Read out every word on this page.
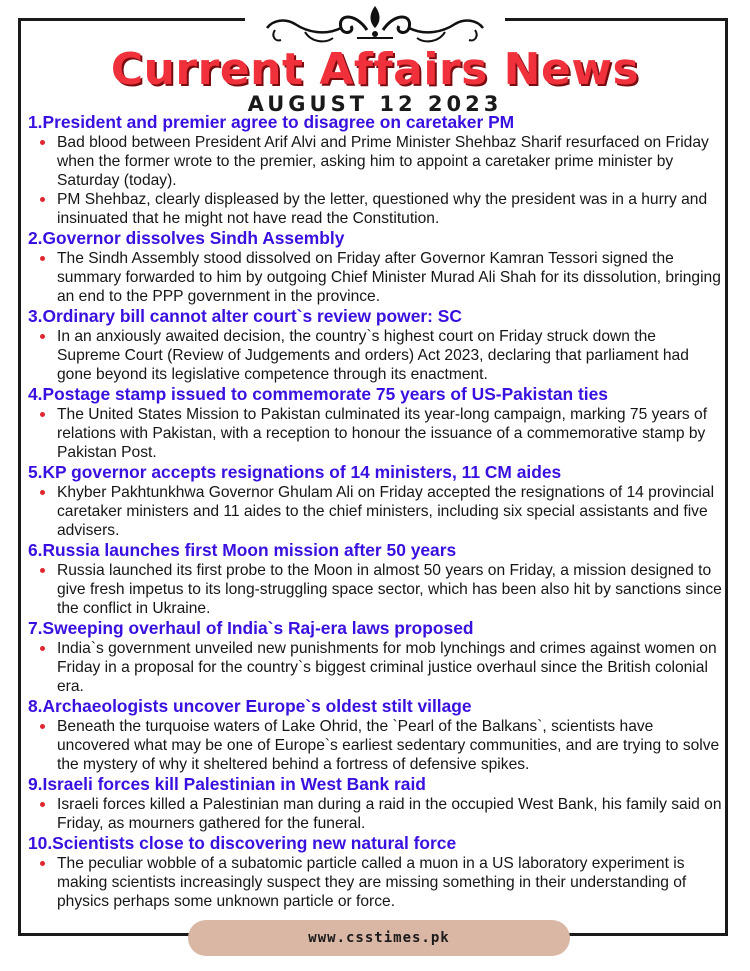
Current Affairs News
AUGUST 12 2023
1.President and premier agree to disagree on caretaker PM
Bad blood between President Arif Alvi and Prime Minister Shehbaz Sharif resurfaced on Friday when the former wrote to the premier, asking him to appoint a caretaker prime minister by Saturday (today).
PM Shehbaz, clearly displeased by the letter, questioned why the president was in a hurry and insinuated that he might not have read the Constitution.
2.Governor dissolves Sindh Assembly
The Sindh Assembly stood dissolved on Friday after Governor Kamran Tessori signed the summary forwarded to him by outgoing Chief Minister Murad Ali Shah for its dissolution, bringing an end to the PPP government in the province.
3.Ordinary bill cannot alter court`s review power: SC
In an anxiously awaited decision, the country`s highest court on Friday struck down the Supreme Court (Review of Judgements and orders) Act 2023, declaring that parliament had gone beyond its legislative competence through its enactment.
4.Postage stamp issued to commemorate 75 years of US-Pakistan ties
The United States Mission to Pakistan culminated its year-long campaign, marking 75 years of relations with Pakistan, with a reception to honour the issuance of a commemorative stamp by Pakistan Post.
5.KP governor accepts resignations of 14 ministers, 11 CM aides
Khyber Pakhtunkhwa Governor Ghulam Ali on Friday accepted the resignations of 14 provincial caretaker ministers and 11 aides to the chief ministers, including six special assistants and five advisers.
6.Russia launches first Moon mission after 50 years
Russia launched its first probe to the Moon in almost 50 years on Friday, a mission designed to give fresh impetus to its long-struggling space sector, which has been also hit by sanctions since the conflict in Ukraine.
7.Sweeping overhaul of India`s Raj-era laws proposed
India`s government unveiled new punishments for mob lynchings and crimes against women on Friday in a proposal for the country`s biggest criminal justice overhaul since the British colonial era.
8.Archaeologists uncover Europe`s oldest stilt village
Beneath the turquoise waters of Lake Ohrid, the `Pearl of the Balkans`, scientists have uncovered what may be one of Europe`s earliest sedentary communities, and are trying to solve the mystery of why it sheltered behind a fortress of defensive spikes.
9.Israeli forces kill Palestinian in West Bank raid
Israeli forces killed a Palestinian man during a raid in the occupied West Bank, his family said on Friday, as mourners gathered for the funeral.
10.Scientists close to discovering new natural force
The peculiar wobble of a subatomic particle called a muon in a US laboratory experiment is making scientists increasingly suspect they are missing something in their understanding of physics perhaps some unknown particle or force.
www.csstimes.pk
